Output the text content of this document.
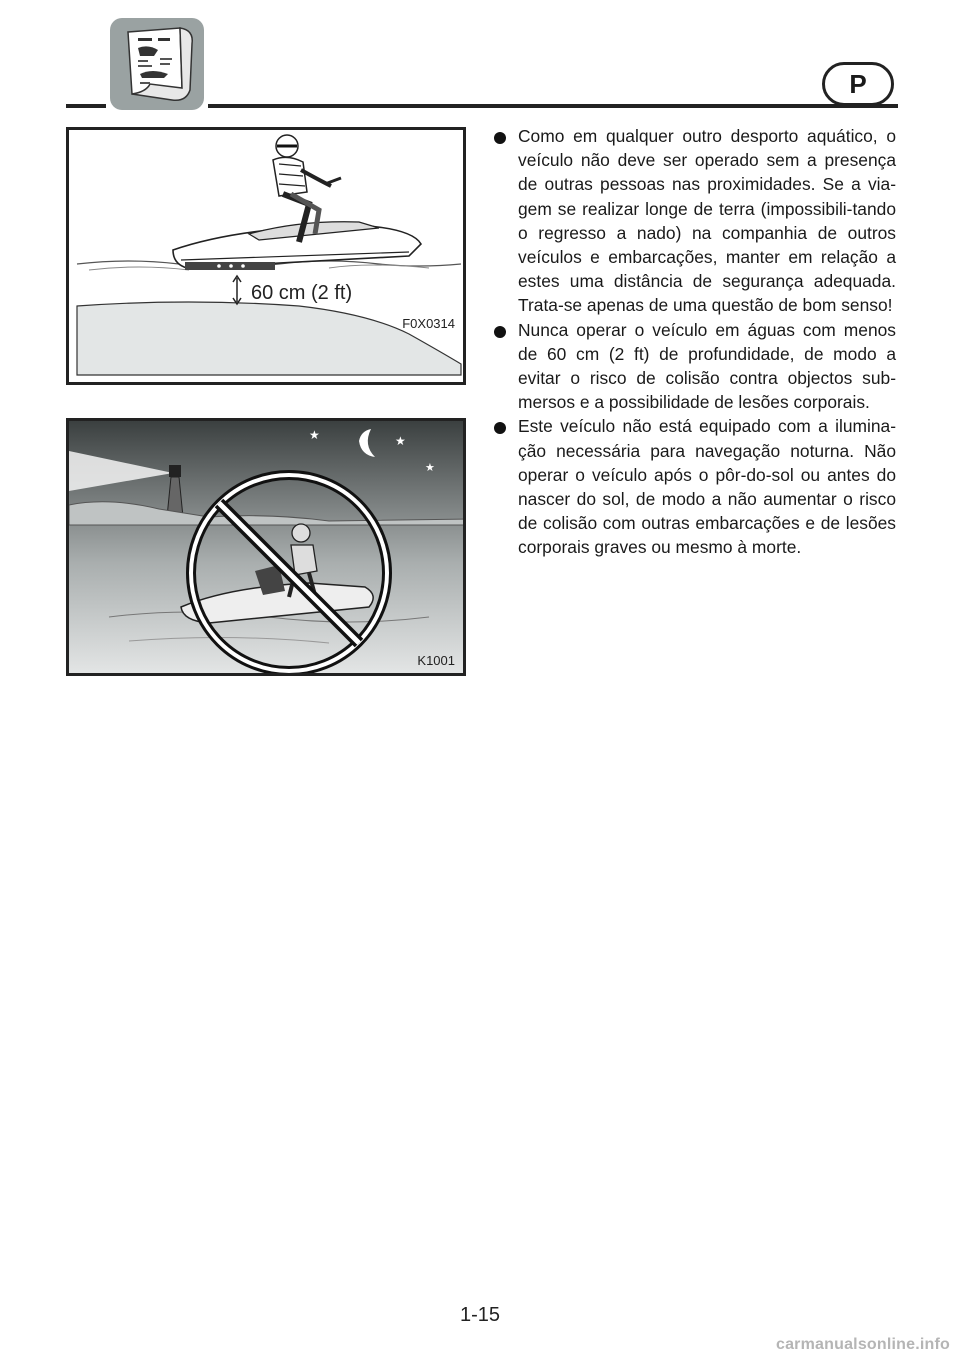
P
60 cm (2 ft)
F0X0314
★	★
★
K1001
Como em qualquer outro desporto aquático, o veículo não deve ser operado sem a presença de outras pessoas nas proximidades. Se a via-gem se realizar longe de terra (impossibili-tando o regresso a nado) na companhia de outros veículos e embarcações, manter em relação a estes uma distância de segurança adequada. Trata-se apenas de uma questão de bom senso!
Nunca operar o veículo em águas com menos de 60 cm (2 ft) de profundidade, de modo a evitar o risco de colisão contra objectos sub-mersos e a possibilidade de lesões corporais.
Este veículo não está equipado com a ilumina-ção necessária para navegação noturna. Não operar o veículo após o pôr-do-sol ou antes do nascer do sol, de modo a não aumentar o risco de colisão com outras embarcações e de lesões corporais graves ou mesmo à morte.
1-15
carmanualsonline.info
